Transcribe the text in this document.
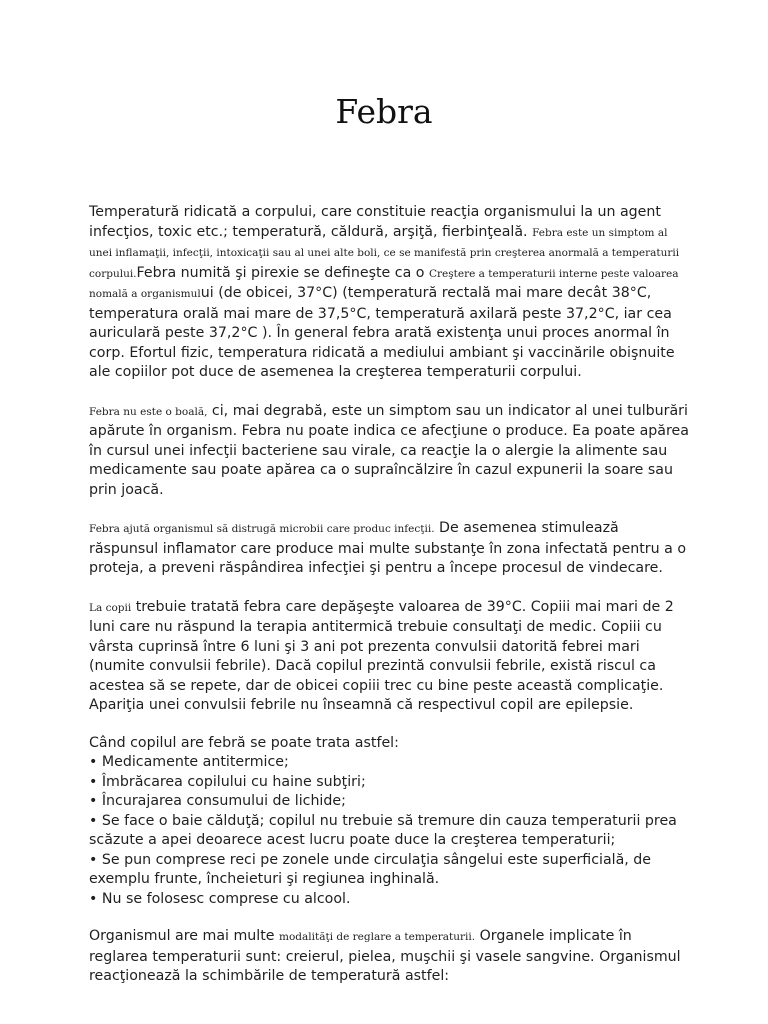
Febra

Temperatură ridicată a corpului, care constituie reacţia organismului la un agent infecţios, toxic etc.; temperatură, căldură, arşiţă, fierbinţeală. Febra este un simptom al unei inflamaţii, infecţii, intoxicaţii sau al unei alte boli, ce se manifestă prin creşterea anormală a temperaturii corpului.Febra numită şi pirexie se defineşte ca o Creştere a temperaturii interne peste valoarea nomală a organismului (de obicei, 37°C) (temperatură rectală mai mare decât 38°C, temperatura orală mai mare de 37,5°C, temperatură axilară peste 37,2°C, iar cea auriculară peste 37,2°C ). În general febra arată existenţa unui proces anormal în corp. Efortul fizic, temperatura ridicată a mediului ambiant şi vaccinările obişnuite ale copiilor pot duce de asemenea la creşterea temperaturii corpului.

Febra nu este o boală, ci, mai degrabă, este un simptom sau un indicator al unei tulburări apărute în organism. Febra nu poate indica ce afecţiune o produce. Ea poate apărea în cursul unei infecţii bacteriene sau virale, ca reacţie la o alergie la alimente sau medicamente sau poate apărea ca o supraîncălzire în cazul expunerii la soare sau prin joacă.

Febra ajută organismul să distrugă microbii care produc infecţii. De asemenea stimulează răspunsul inflamator care produce mai multe substanţe în zona infectată pentru a o proteja, a preveni răspândirea infecţiei şi pentru a începe procesul de vindecare.

La copii trebuie tratată febra care depăşeşte valoarea de 39°C. Copiii mai mari de 2 luni care nu răspund la terapia antitermică trebuie consultaţi de medic. Copiii cu vârsta cuprinsă între 6 luni şi 3 ani pot prezenta convulsii datorită febrei mari (numite convulsii febrile). Dacă copilul prezintă convulsii febrile, există riscul ca acestea să se repete, dar de obicei copiii trec cu bine peste această complicaţie. Apariţia unei convulsii febrile nu înseamnă că respectivul copil are epilepsie.

Când copilul are febră se poate trata astfel:

• Medicamente antitermice;
• Îmbrăcarea copilului cu haine subţiri;
• Încurajarea consumului de lichide;
• Se face o baie călduţă; copilul nu trebuie să tremure din cauza temperaturii prea scăzute a apei deoarece acest lucru poate duce la creşterea temperaturii;
• Se pun comprese reci pe zonele unde circulaţia sângelui este superficială, de exemplu frunte, încheieturi şi regiunea inghinală.
• Nu se folosesc comprese cu alcool.

Organismul are mai multe modalităţi de reglare a temperaturii. Organele implicate în reglarea temperaturii sunt: creierul, pielea, muşchii şi vasele sangvine. Organismul reacţionează la schimbările de temperatură astfel:
